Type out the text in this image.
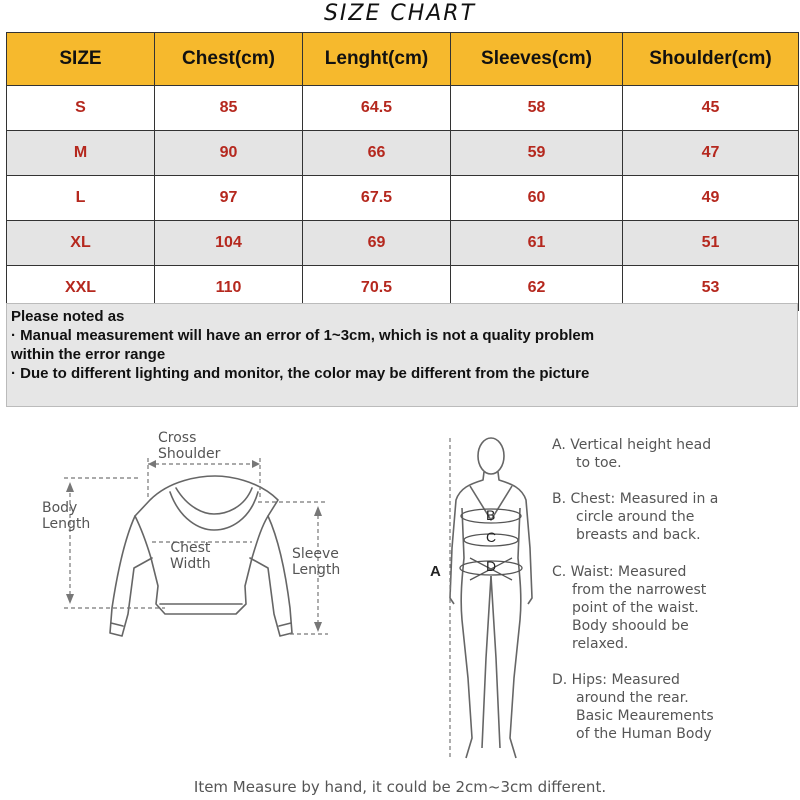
SIZE CHART
SIZE	Chest(cm)	Lenght(cm)	Sleeves(cm)	Shoulder(cm)
S	85	64.5	58	45
M	90	66	59	47
L	97	67.5	60	49
XL	104	69	61	51
XXL	110	70.5	62	53
Please noted as
· Manual measurement will have an error of 1~3cm, which is not a quality problem
within the error range
· Due to different lighting and monitor, the color may be different from the picture
Cross
Shoulder
Body
Length
Chest
Width
Sleeve
Length	A
B
C
D
A. Vertical height head
to toe.
B. Chest: Measured in a
circle around the
breasts and back.
C. Waist: Measured
from the narrowest
point of the waist.
Body shoould be
relaxed.
D. Hips: Measured
around the rear.
Basic Meaurements
of the Human Body
Item Measure by hand, it could be 2cm~3cm different.
